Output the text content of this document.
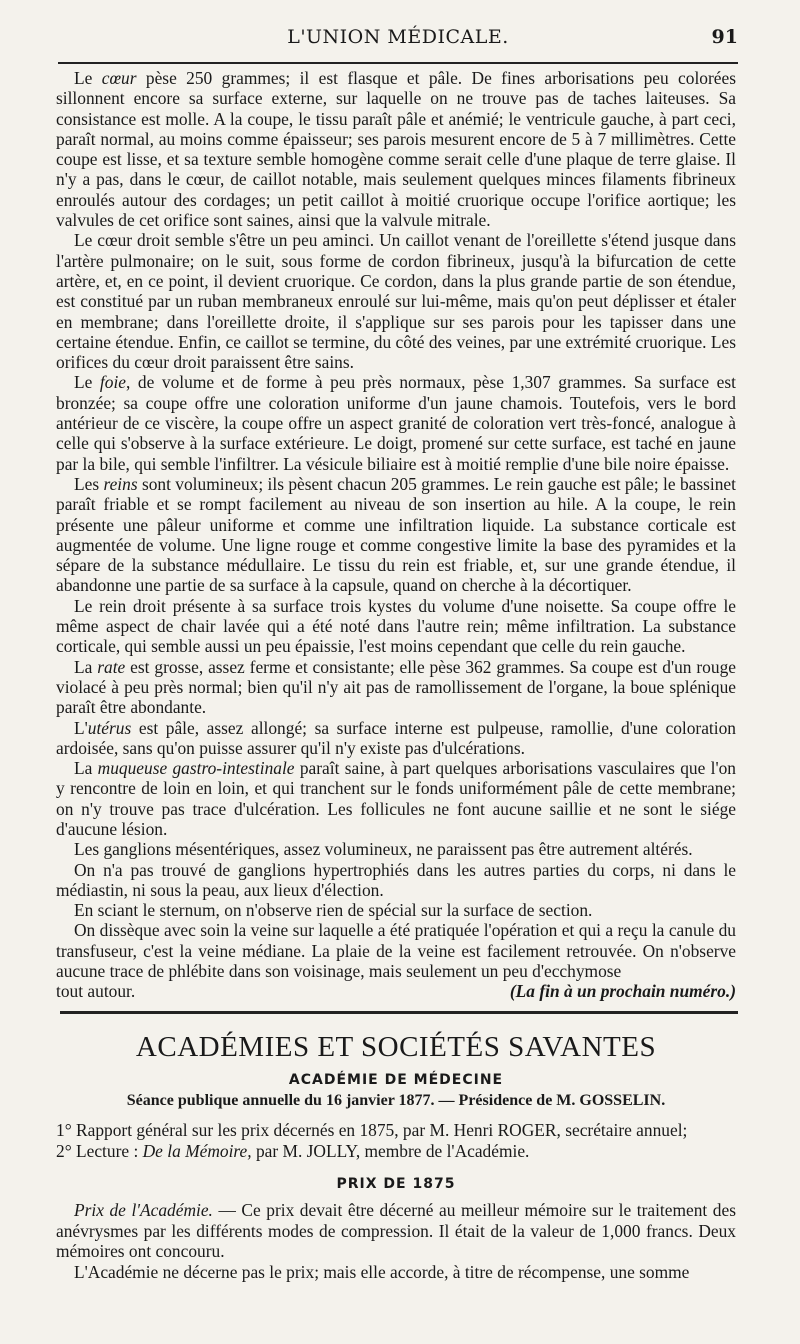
L'UNION MÉDICALE.	91

Le cœur pèse 250 grammes; il est flasque et pâle. De fines arborisations peu colorées sillonnent encore sa surface externe, sur laquelle on ne trouve pas de taches laiteuses. Sa consistance est molle. A la coupe, le tissu paraît pâle et anémié; le ventricule gauche, à part ceci, paraît normal, au moins comme épaisseur; ses parois mesurent encore de 5 à 7 millimètres. Cette coupe est lisse, et sa texture semble homogène comme serait celle d'une plaque de terre glaise. Il n'y a pas, dans le cœur, de caillot notable, mais seulement quelques minces filaments fibrineux enroulés autour des cordages; un petit caillot à moitié cruorique occupe l'orifice aortique; les valvules de cet orifice sont saines, ainsi que la valvule mitrale.

Le cœur droit semble s'être un peu aminci. Un caillot venant de l'oreillette s'étend jusque dans l'artère pulmonaire; on le suit, sous forme de cordon fibrineux, jusqu'à la bifurcation de cette artère, et, en ce point, il devient cruorique. Ce cordon, dans la plus grande partie de son étendue, est constitué par un ruban membraneux enroulé sur lui-même, mais qu'on peut déplisser et étaler en membrane; dans l'oreillette droite, il s'applique sur ses parois pour les tapisser dans une certaine étendue. Enfin, ce caillot se termine, du côté des veines, par une extrémité cruorique. Les orifices du cœur droit paraissent être sains.

Le foie, de volume et de forme à peu près normaux, pèse 1,307 grammes. Sa surface est bronzée; sa coupe offre une coloration uniforme d'un jaune chamois. Toutefois, vers le bord antérieur de ce viscère, la coupe offre un aspect granité de coloration vert très-foncé, analogue à celle qui s'observe à la surface extérieure. Le doigt, promené sur cette surface, est taché en jaune par la bile, qui semble l'infiltrer. La vésicule biliaire est à moitié remplie d'une bile noire épaisse.

Les reins sont volumineux; ils pèsent chacun 205 grammes. Le rein gauche est pâle; le bassinet paraît friable et se rompt facilement au niveau de son insertion au hile. A la coupe, le rein présente une pâleur uniforme et comme une infiltration liquide. La substance corticale est augmentée de volume. Une ligne rouge et comme congestive limite la base des pyramides et la sépare de la substance médullaire. Le tissu du rein est friable, et, sur une grande étendue, il abandonne une partie de sa surface à la capsule, quand on cherche à la décortiquer.

Le rein droit présente à sa surface trois kystes du volume d'une noisette. Sa coupe offre le même aspect de chair lavée qui a été noté dans l'autre rein; même infiltration. La substance corticale, qui semble aussi un peu épaissie, l'est moins cependant que celle du rein gauche.

La rate est grosse, assez ferme et consistante; elle pèse 362 grammes. Sa coupe est d'un rouge violacé à peu près normal; bien qu'il n'y ait pas de ramollissement de l'organe, la boue splénique paraît être abondante.

L'utérus est pâle, assez allongé; sa surface interne est pulpeuse, ramollie, d'une coloration ardoisée, sans qu'on puisse assurer qu'il n'y existe pas d'ulcérations.

La muqueuse gastro-intestinale paraît saine, à part quelques arborisations vasculaires que l'on y rencontre de loin en loin, et qui tranchent sur le fonds uniformément pâle de cette membrane; on n'y trouve pas trace d'ulcération. Les follicules ne font aucune saillie et ne sont le siége d'aucune lésion.

Les ganglions mésentériques, assez volumineux, ne paraissent pas être autrement altérés.

On n'a pas trouvé de ganglions hypertrophiés dans les autres parties du corps, ni dans le médiastin, ni sous la peau, aux lieux d'élection.

En sciant le sternum, on n'observe rien de spécial sur la surface de section.

On dissèque avec soin la veine sur laquelle a été pratiquée l'opération et qui a reçu la canule du transfuseur, c'est la veine médiane. La plaie de la veine est facilement retrouvée. On n'observe aucune trace de phlébite dans son voisinage, mais seulement un peu d'ecchymose

tout autour.	(La fin à un prochain numéro.)

ACADÉMIES ET SOCIÉTÉS SAVANTES
ACADÉMIE DE MÉDECINE
Séance publique annuelle du 16 janvier 1877. — Présidence de M. GOSSELIN.
1° Rapport général sur les prix décernés en 1875, par M. Henri ROGER, secrétaire annuel;
2° Lecture : De la Mémoire, par M. JOLLY, membre de l'Académie.
PRIX DE 1875

Prix de l'Académie. — Ce prix devait être décerné au meilleur mémoire sur le traitement des anévrysmes par les différents modes de compression. Il était de la valeur de 1,000 francs. Deux mémoires ont concouru.

L'Académie ne décerne pas le prix; mais elle accorde, à titre de récompense, une somme
